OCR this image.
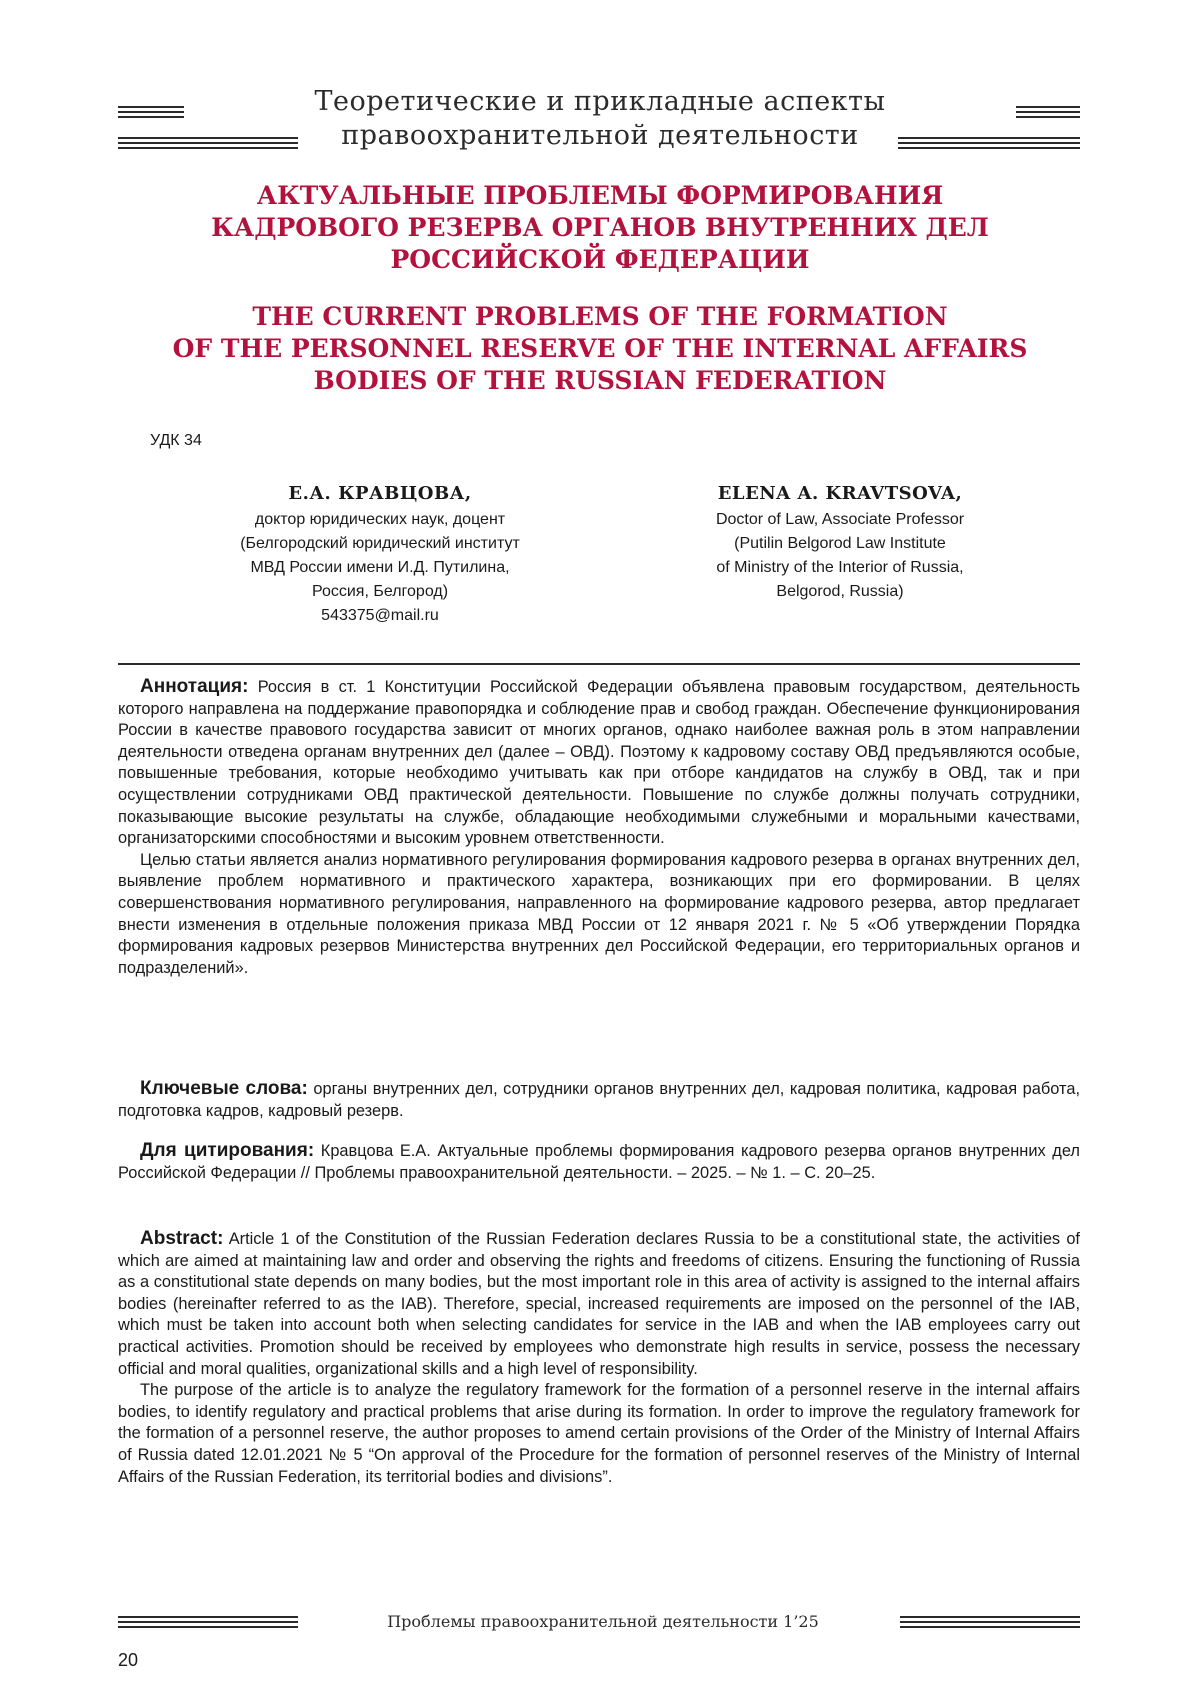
Теоретические и прикладные аспекты
правоохранительной деятельности
АКТУАЛЬНЫЕ ПРОБЛЕМЫ ФОРМИРОВАНИЯ
КАДРОВОГО РЕЗЕРВА ОРГАНОВ ВНУТРЕННИХ ДЕЛ
РОССИЙСКОЙ ФЕДЕРАЦИИ
THE CURRENT PROBLEMS OF THE FORMATION
OF THE PERSONNEL RESERVE OF THE INTERNAL AFFAIRS
BODIES OF THE RUSSIAN FEDERATION
УДК 34
Е.А. КРАВЦОВА,
доктор юридических наук, доцент
(Белгородский юридический институт
МВД России имени И.Д. Путилина,
Россия, Белгород)
543375@mail.ru
ELENA A. KRAVTSOVA,
Doctor of Law, Associate Professor
(Putilin Belgorod Law Institute
of Ministry of the Interior of Russia,
Belgorod, Russia)

Аннотация: Россия в ст. 1 Конституции Российской Федерации объявлена правовым государством, деятельность которого направлена на поддержание правопорядка и соблюдение прав и свобод граждан. Обеспечение функционирования России в качестве правового государства зависит от многих органов, однако наиболее важная роль в этом направлении деятельности отведена органам внутренних дел (далее – ОВД). Поэтому к кадровому составу ОВД предъявляются особые, повышенные требования, которые необходимо учитывать как при отборе кандидатов на службу в ОВД, так и при осуществлении сотрудниками ОВД практической деятельности. Повышение по службе должны получать сотрудники, показывающие высокие результаты на службе, обладающие необходимыми служебными и моральными качествами, организаторскими способностями и высоким уровнем ответственности.

Целью статьи является анализ нормативного регулирования формирования кадрового резерва в органах внутренних дел, выявление проблем нормативного и практического характера, возникающих при его формировании. В целях совершенствования нормативного регулирования, направленного на формирование кадрового резерва, автор предлагает внести изменения в отдельные положения приказа МВД России от 12 января 2021 г. № 5 «Об утверждении Порядка формирования кадровых резервов Министерства внутренних дел Российской Федерации, его территориальных органов и подразделений».

Ключевые слова: органы внутренних дел, сотрудники органов внутренних дел, кадровая политика, кадровая работа, подготовка кадров, кадровый резерв.

Для цитирования: Кравцова Е.А. Актуальные проблемы формирования кадрового резерва органов внутренних дел Российской Федерации // Проблемы правоохранительной деятельности. – 2025. – № 1. – С. 20–25.

Abstract: Article 1 of the Constitution of the Russian Federation declares Russia to be a constitutional state, the activities of which are aimed at maintaining law and order and observing the rights and freedoms of citizens. Ensuring the functioning of Russia as a constitutional state depends on many bodies, but the most important role in this area of activity is assigned to the internal affairs bodies (hereinafter referred to as the IAB). Therefore, special, increased requirements are imposed on the personnel of the IAB, which must be taken into account both when selecting candidates for service in the IAB and when the IAB employees carry out practical activities. Promotion should be received by employees who demonstrate high results in service, possess the necessary official and moral qualities, organizational skills and a high level of responsibility.

The purpose of the article is to analyze the regulatory framework for the formation of a personnel reserve in the internal affairs bodies, to identify regulatory and practical problems that arise during its formation. In order to improve the regulatory framework for the formation of a personnel reserve, the author proposes to amend certain provisions of the Order of the Ministry of Internal Affairs of Russia dated 12.01.2021 № 5 “On approval of the Procedure for the formation of personnel reserves of the Ministry of Internal Affairs of the Russian Federation, its territorial bodies and divisions”.

Проблемы правоохранительной деятельности 1’25
20
